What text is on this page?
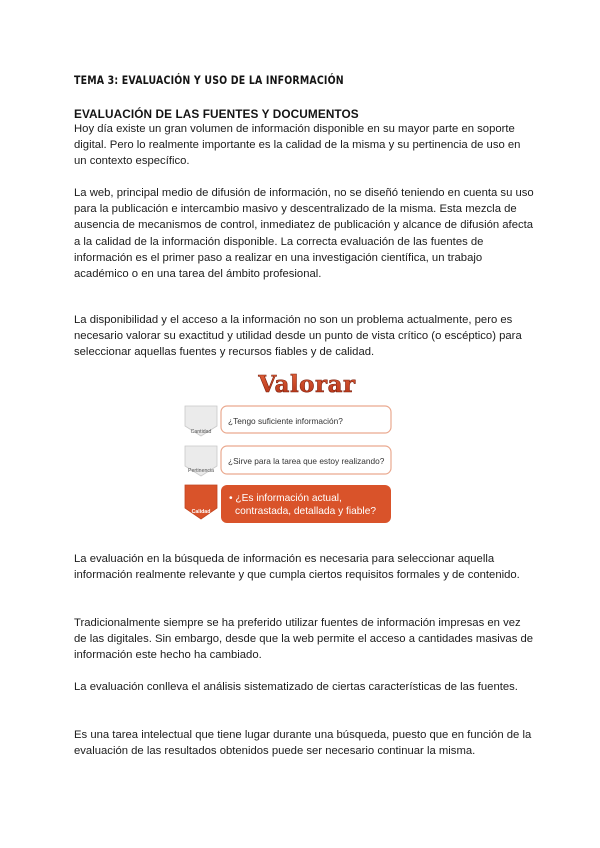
TEMA 3: EVALUACIÓN Y USO DE LA INFORMACIÓN
EVALUACIÓN DE LAS FUENTES Y DOCUMENTOS

Hoy día existe un gran volumen de información disponible en su mayor parte en soporte digital. Pero lo realmente importante es la calidad de la misma y su pertinencia de uso en un contexto específico.

La web, principal medio de difusión de información, no se diseñó teniendo en cuenta su uso para la publicación e intercambio masivo y descentralizado de la misma. Esta mezcla de ausencia de mecanismos de control, inmediatez de publicación y alcance de difusión afecta a la calidad de la información disponible. La correcta evaluación de las fuentes de información es el primer paso a realizar en una investigación científica, un trabajo académico o en una tarea del ámbito profesional.

La disponibilidad y el acceso a la información no son un problema actualmente, pero es necesario valorar su exactitud y utilidad desde un punto de vista crítico (o escéptico) para seleccionar aquellas fuentes y recursos fiables y de calidad.

Valorar
Cantidad
¿Tengo suficiente información?
Pertinencia
¿Sirve para la tarea que estoy realizando?
Calidad
• ¿Es información actual,
contrastada, detallada y fiable?

La evaluación en la búsqueda de información es necesaria para seleccionar aquella información realmente relevante y que cumpla ciertos requisitos formales y de contenido.

Tradicionalmente siempre se ha preferido utilizar fuentes de información impresas en vez de las digitales. Sin embargo, desde que la web permite el acceso a cantidades masivas de información este hecho ha cambiado.

La evaluación conlleva el análisis sistematizado de ciertas características de las fuentes.

Es una tarea intelectual que tiene lugar durante una búsqueda, puesto que en función de la evaluación de las resultados obtenidos puede ser necesario continuar la misma.
